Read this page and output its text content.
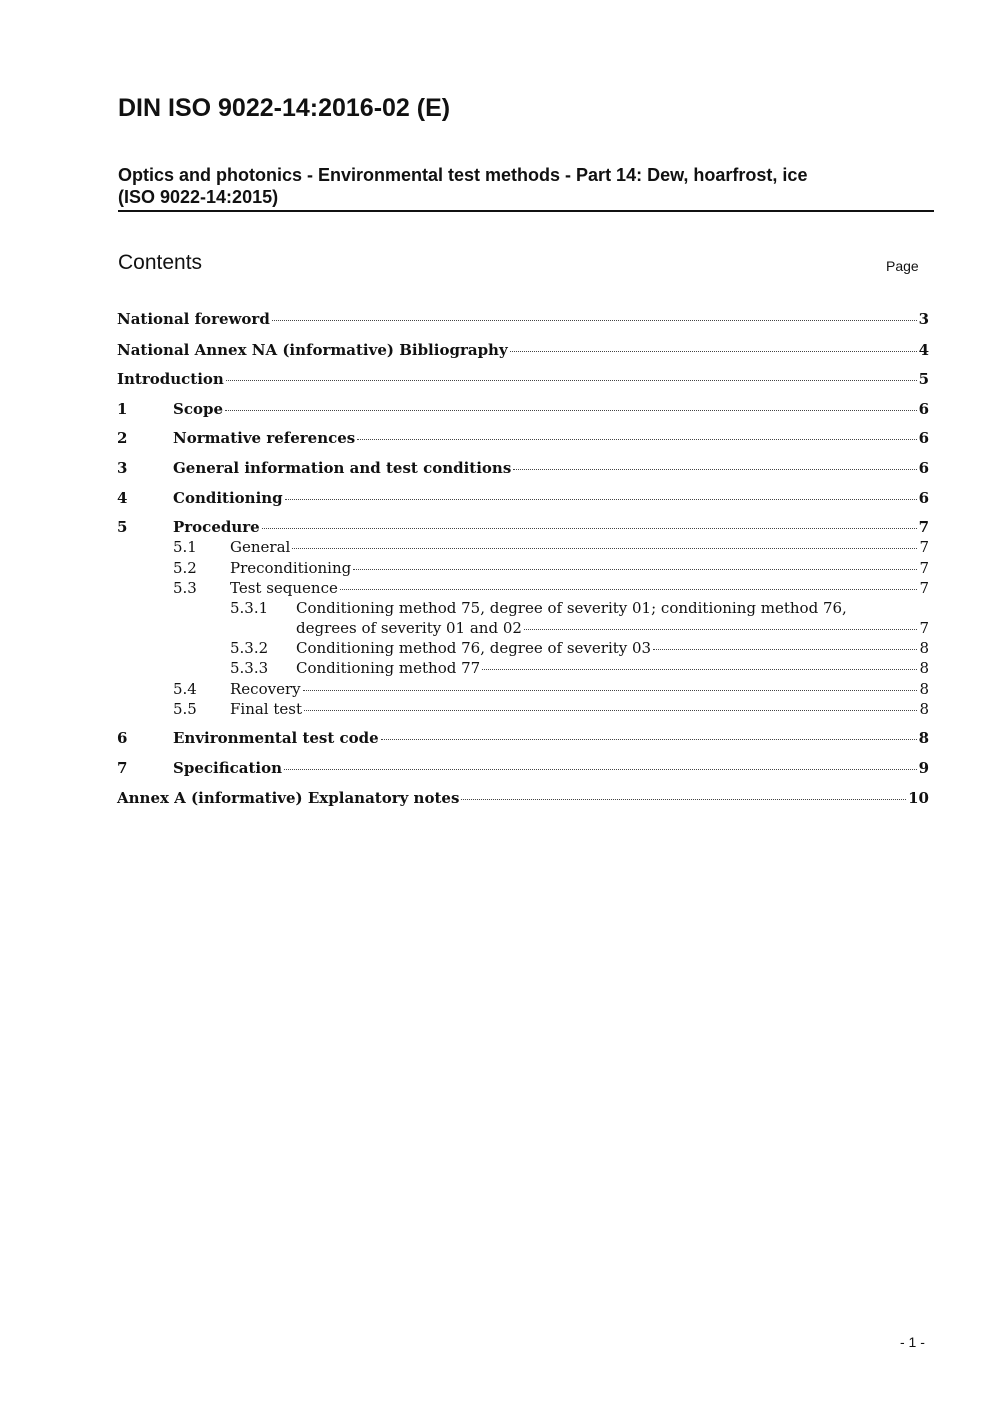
DIN ISO 9022-14:2016-02 (E)
Optics and photonics - Environmental test methods - Part 14: Dew, hoarfrost, ice
(ISO 9022-14:2015)
Contents	Page
National foreword	3
National Annex NA (informative) Bibliography	4
Introduction	5
1	Scope	6
2	Normative references	6
3	General information and test conditions	6
4	Conditioning	6
5	Procedure	7
5.1 General	7
5.2 Preconditioning	7
5.3 Test sequence	7
5.3.1 Conditioning method 75, degree of severity 01; conditioning method 76,
degrees of severity 01 and 02	7
5.3.2 Conditioning method 76, degree of severity 03	8
5.3.3 Conditioning method 77	8
5.4 Recovery	8
5.5 Final test	8
6	Environmental test code	8
7	Specification	9
Annex A (informative) Explanatory notes	10
- 1 -
